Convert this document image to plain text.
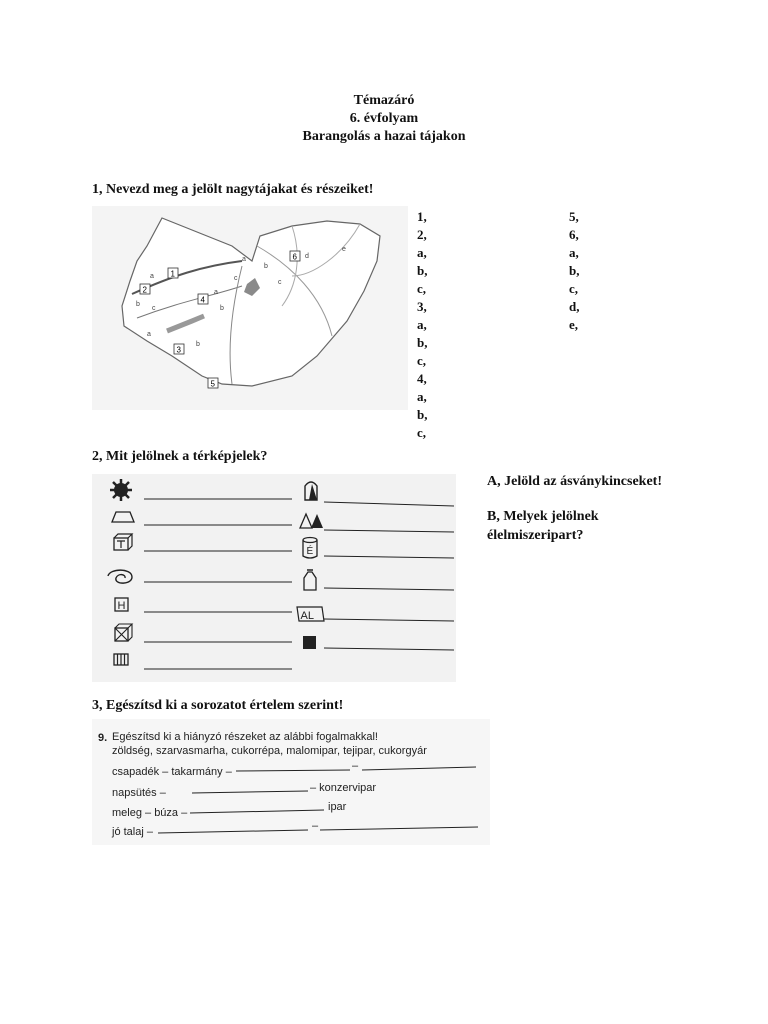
Témazáró
6. évfolyam
Barangolás a hazai tájakon
1, Nevezd meg a jelölt nagytájakat és részeiket!
1
2
3
4
5
6
a
b
c
a
b
a
b
c
a
b
c
d
e
1,
2,
a,
b,
c,
3,
a,
b,
c,
4,
a,
b,
c,
5,
6,
a,
b,
c,
d,
e,
2, Mit jelölnek a térképjelek?
H
É
AL
A, Jelöld az ásványkincseket!
B, Melyek jelölnek élelmiszeripart?
3, Egészítsd ki a sorozatot értelem szerint!
9. Egészítsd ki a hiányzó részeket az alábbi fogalmakkal!
zöldség, szarvasmarha, cukorrépa, malomipar, tejipar, cukorgyár
csapadék – takarmány –	–
napsütés –	– konzervipar
meleg – búza –	ipar
jó talaj –	–
